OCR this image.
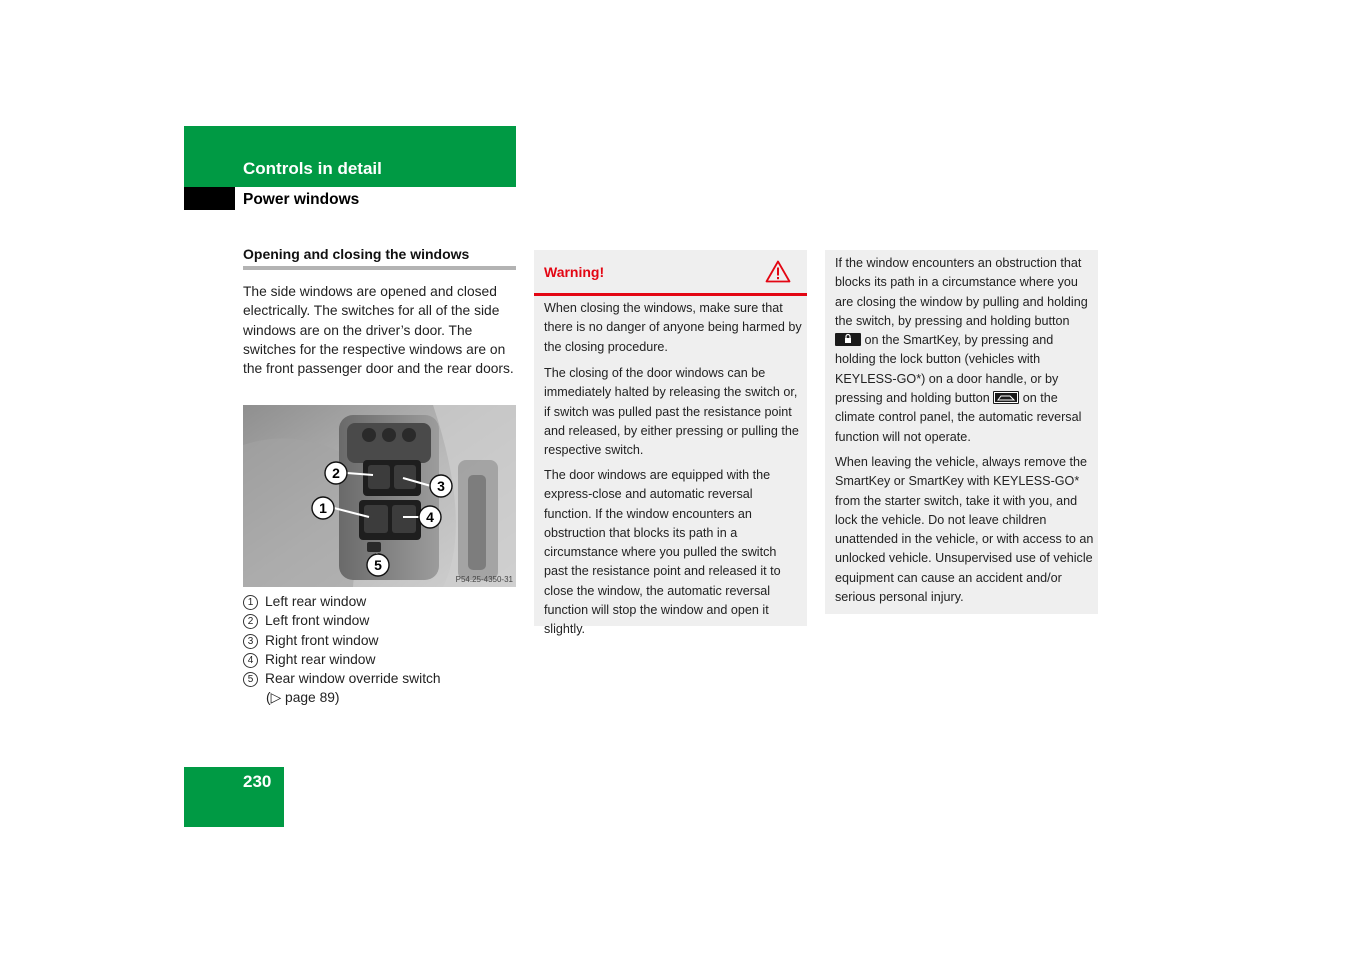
Controls in detail
Power windows
Opening and closing the windows

The side windows are opened and closed electrically. The switches for all of the side windows are on the driver’s door. The switches for the respective windows are on the front passenger door and the rear doors.

2
3
1
4
5
P54.25-4350-31
1 Left rear window
2 Left front window
3 Right front window
4 Right rear window
5 Rear window override switch
(▷ page 89)
Warning!

When closing the windows, make sure that there is no danger of anyone being harmed by the closing procedure.

The closing of the door windows can be immediately halted by releasing the switch or, if switch was pulled past the resistance point and released, by either pressing or pulling the respective switch.

The door windows are equipped with the express-close and automatic reversal function. If the window encounters an obstruction that blocks its path in a circumstance where you pulled the switch past the resistance point and released it to close the window, the automatic reversal function will stop the window and open it slightly.

If the window encounters an obstruction that blocks its path in a circumstance where you are closing the window by pulling and holding the switch, by pressing and holding button  on the SmartKey, by pressing and holding the lock button (vehicles with KEYLESS-GO*) on a door handle, or by pressing and holding button	on the climate control panel, the automatic reversal function will not operate.

When leaving the vehicle, always remove the SmartKey or SmartKey with KEYLESS-GO* from the starter switch, take it with you, and lock the vehicle. Do not leave children unattended in the vehicle, or with access to an unlocked vehicle. Unsupervised use of vehicle equipment can cause an accident and/or serious personal injury.

230
